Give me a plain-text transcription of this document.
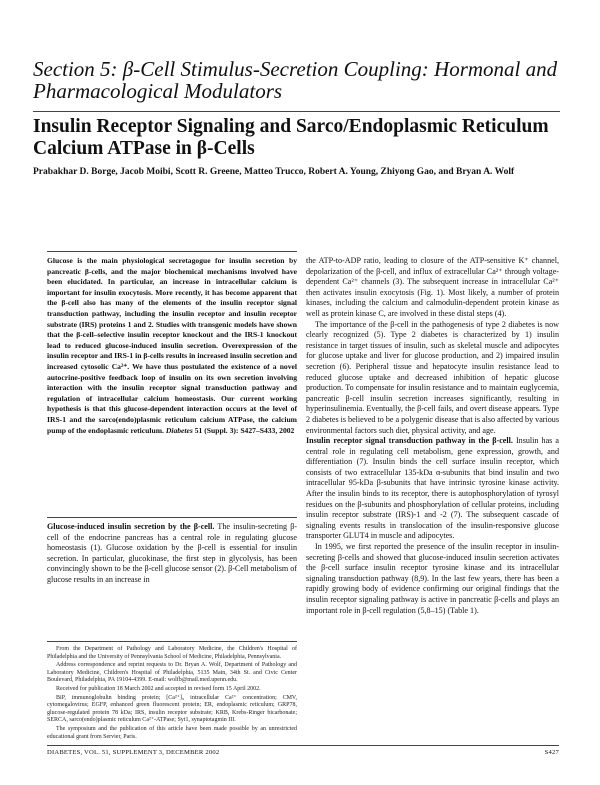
Section 5: β-Cell Stimulus-Secretion Coupling: Hormonal and Pharmacological Modulators
Insulin Receptor Signaling and Sarco/Endoplasmic Reticulum Calcium ATPase in β-Cells
Prabakhar D. Borge, Jacob Moibi, Scott R. Greene, Matteo Trucco, Robert A. Young, Zhiyong Gao, and Bryan A. Wolf
Glucose is the main physiological secretagogue for insulin secretion by pancreatic β-cells, and the major biochemical mechanisms involved have been elucidated. In particular, an increase in intracellular calcium is important for insulin exocytosis. More recently, it has become apparent that the β-cell also has many of the elements of the insulin receptor signal transduction pathway, including the insulin receptor and insulin receptor substrate (IRS) proteins 1 and 2. Studies with transgenic models have shown that the β-cell–selective insulin receptor knockout and the IRS-1 knockout lead to reduced glucose-induced insulin secretion. Overexpression of the insulin receptor and IRS-1 in β-cells results in increased insulin secretion and increased cytosolic Ca²⁺. We have thus postulated the existence of a novel autocrine-positive feedback loop of insulin on its own secretion involving interaction with the insulin receptor signal transduction pathway and regulation of intracellular calcium homeostasis. Our current working hypothesis is that this glucose-dependent interaction occurs at the level of IRS-1 and the sarco(endo)plasmic reticulum calcium ATPase, the calcium pump of the endoplasmic reticulum. Diabetes 51 (Suppl. 3): S427–S433, 2002

Glucose-induced insulin secretion by the β-cell. The insulin-secreting β-cell of the endocrine pancreas has a central role in regulating glucose homeostasis (1). Glucose oxidation by the β-cell is essential for insulin secretion. In particular, glucokinase, the first step in glycolysis, has been convincingly shown to be the β-cell glucose sensor (2). β-Cell metabolism of glucose results in an increase in

From the Department of Pathology and Laboratory Medicine, the Children's Hospital of Philadelphia and the University of Pennsylvania School of Medicine, Philadelphia, Pennsylvania.

Address correspondence and reprint requests to Dr. Bryan A. Wolf, Department of Pathology and Laboratory Medicine, Children's Hospital of Philadelphia, 5135 Main, 34th St. and Civic Center Boulevard, Philadelphia, PA 19104-4399. E-mail: wolfb@mail.med.upenn.edu.

Received for publication 18 March 2002 and accepted in revised form 15 April 2002.

BiP, immunoglobulin binding protein; [Ca²⁺]ᵢ, intracellular Ca²⁺ concentration; CMV, cytomegalovirus; EGFP, enhanced green fluorescent protein; ER, endoplasmic reticulum; GRP78, glucose-regulated protein 78 kDa; IRS, insulin receptor substrate; KRB, Krebs-Ringer bicarbonate; SERCA, sarco(endo)plasmic reticulum Ca²⁺-ATPase; Syt1, synaptotagmin III.

The symposium and the publication of this article have been made possible by an unrestricted educational grant from Servier, Paris.

the ATP-to-ADP ratio, leading to closure of the ATP-sensitive K⁺ channel, depolarization of the β-cell, and influx of extracellular Ca²⁺ through voltage-dependent Ca²⁺ channels (3). The subsequent increase in intracellular Ca²⁺ then activates insulin exocytosis (Fig. 1). Most likely, a number of protein kinases, including the calcium and calmodulin-dependent protein kinase as well as protein kinase C, are involved in these distal steps (4).

The importance of the β-cell in the pathogenesis of type 2 diabetes is now clearly recognized (5). Type 2 diabetes is characterized by 1) insulin resistance in target tissues of insulin, such as skeletal muscle and adipocytes for glucose uptake and liver for glucose production, and 2) impaired insulin secretion (6). Peripheral tissue and hepatocyte insulin resistance lead to reduced glucose uptake and decreased inhibition of hepatic glucose production. To compensate for insulin resistance and to maintain euglycemia, pancreatic β-cell insulin secretion increases significantly, resulting in hyperinsulinemia. Eventually, the β-cell fails, and overt disease appears. Type 2 diabetes is believed to be a polygenic disease that is also affected by various environmental factors such diet, physical activity, and age.

Insulin receptor signal transduction pathway in the β-cell. Insulin has a central role in regulating cell metabolism, gene expression, growth, and differentiation (7). Insulin binds the cell surface insulin receptor, which consists of two extracellular 135-kDa α-subunits that bind insulin and two intracellular 95-kDa β-subunits that have intrinsic tyrosine kinase activity. After the insulin binds to its receptor, there is autophosphorylation of tyrosyl residues on the β-subunits and phosphorylation of cellular proteins, including insulin receptor substrate (IRS)-1 and -2 (7). The subsequent cascade of signaling events results in translocation of the insulin-responsive glucose transporter GLUT4 in muscle and adipocytes.

In 1995, we first reported the presence of the insulin receptor in insulin-secreting β-cells and showed that glucose-induced insulin secretion activates the β-cell surface insulin receptor tyrosine kinase and its intracellular signaling transduction pathway (8,9). In the last few years, there has been a rapidly growing body of evidence confirming our original findings that the insulin receptor signaling pathway is active in pancreatic β-cells and plays an important role in β-cell regulation (5,8–15) (Table 1).

DIABETES, VOL. 51, SUPPLEMENT 3, DECEMBER 2002	S427
